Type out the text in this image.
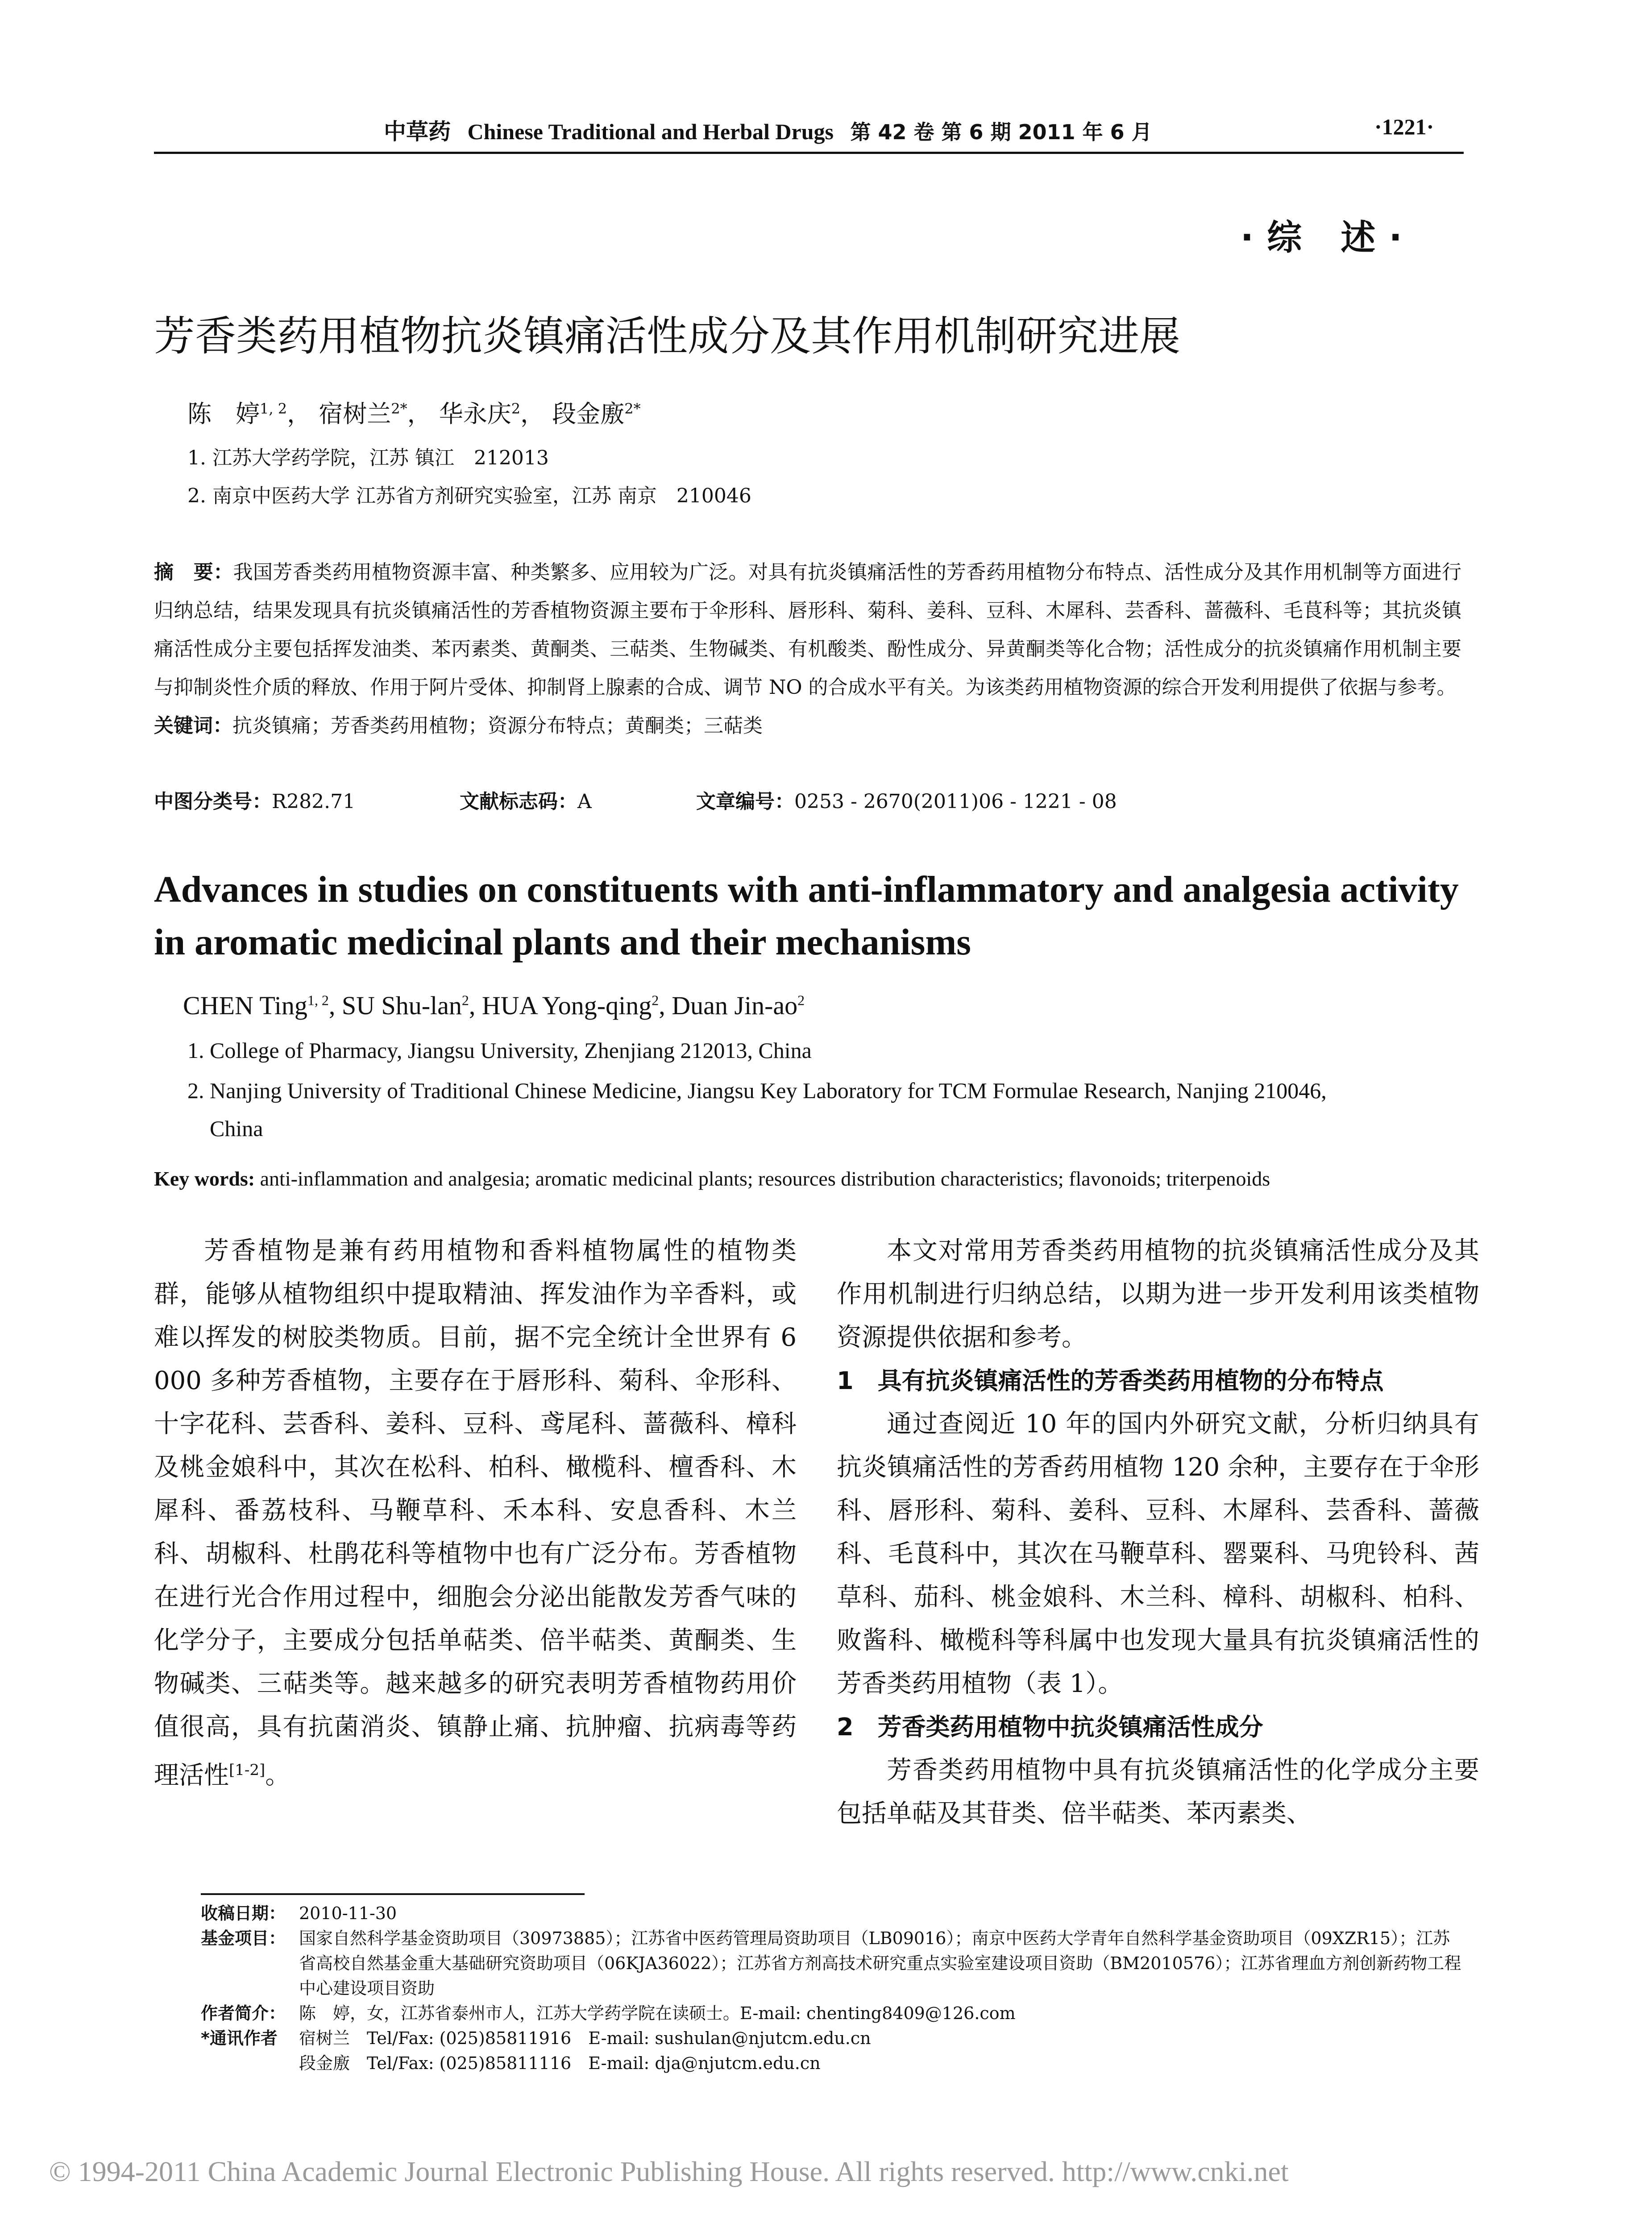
中草药 Chinese Traditional and Herbal Drugs 第 42 卷 第 6 期 2011 年 6 月	·1221·
·综 述·
芳香类药用植物抗炎镇痛活性成分及其作用机制研究进展
陈　婷$^{1, 2}$， 宿树兰$^{2*}$， 华永庆$^2$， 段金廒$^{2*}$
1. 江苏大学药学院，江苏 镇江　212013
2. 南京中医药大学 江苏省方剂研究实验室，江苏 南京　210046
摘　要：我国芳香类药用植物资源丰富、种类繁多、应用较为广泛。对具有抗炎镇痛活性的芳香药用植物分布特点、活性成分及其作用机制等方面进行归纳总结，结果发现具有抗炎镇痛活性的芳香植物资源主要布于伞形科、唇形科、菊科、姜科、豆科、木犀科、芸香科、蔷薇科、毛茛科等；其抗炎镇痛活性成分主要包括挥发油类、苯丙素类、黄酮类、三萜类、生物碱类、有机酸类、酚性成分、异黄酮类等化合物；活性成分的抗炎镇痛作用机制主要与抑制炎性介质的释放、作用于阿片受体、抑制肾上腺素的合成、调节 NO 的合成水平有关。为该类药用植物资源的综合开发利用提供了依据与参考。
关键词：抗炎镇痛；芳香类药用植物；资源分布特点；黄酮类；三萜类
中图分类号：R282.71	文献标志码：A	文章编号：0253 - 2670(2011)06 - 1221 - 08
Advances in studies on constituents with anti-inflammatory and analgesia activity in aromatic medicinal plants and their mechanisms
CHEN Ting$^{1, 2}$, SU Shu-lan$^2$, HUA Yong-qing$^2$, Duan Jin-$ao^2$
1. College of Pharmacy, Jiangsu University, Zhenjiang 212013, China
2. Nanjing University of Traditional Chinese Medicine, Jiangsu Key Laboratory for TCM Formulae Research, Nanjing 210046,
China
Key words: anti-inflammation and analgesia; aromatic medicinal plants; resources distribution characteristics; flavonoids; triterpenoids

芳香植物是兼有药用植物和香料植物属性的植物类群，能够从植物组织中提取精油、挥发油作为辛香料，或难以挥发的树胶类物质。目前，据不完全统计全世界有 6 000 多种芳香植物，主要存在于唇形科、菊科、伞形科、十字花科、芸香科、姜科、豆科、鸢尾科、蔷薇科、樟科及桃金娘科中，其次在松科、柏科、橄榄科、檀香科、木犀科、番荔枝科、马鞭草科、禾本科、安息香科、木兰科、胡椒科、杜鹃花科等植物中也有广泛分布。芳香植物在进行光合作用过程中，细胞会分泌出能散发芳香气味的化学分子，主要成分包括单萜类、倍半萜类、黄酮类、生物碱类、三萜类等。越来越多的研究表明芳香植物药用价值很高，具有抗菌消炎、镇静止痛、抗肿瘤、抗病毒等药理活性[1-2]。

本文对常用芳香类药用植物的抗炎镇痛活性成分及其作用机制进行归纳总结，以期为进一步开发利用该类植物资源提供依据和参考。

1　具有抗炎镇痛活性的芳香类药用植物的分布特点

通过查阅近 10 年的国内外研究文献，分析归纳具有抗炎镇痛活性的芳香药用植物 120 余种，主要存在于伞形科、唇形科、菊科、姜科、豆科、木犀科、芸香科、蔷薇科、毛茛科中，其次在马鞭草科、罂粟科、马兜铃科、茜草科、茄科、桃金娘科、木兰科、樟科、胡椒科、柏科、败酱科、橄榄科等科属中也发现大量具有抗炎镇痛活性的芳香类药用植物（表 1）。

2　芳香类药用植物中抗炎镇痛活性成分

芳香类药用植物中具有抗炎镇痛活性的化学成分主要包括单萜及其苷类、倍半萜类、苯丙素类、

收稿日期： 2010-11-30
基金项目： 国家自然科学基金资助项目（30973885）；江苏省中医药管理局资助项目（LB09016）；南京中医药大学青年自然科学基金资助项目（09XZR15）；江苏省高校自然基金重大基础研究资助项目（06KJA36022）；江苏省方剂高技术研究重点实验室建设项目资助（BM2010576）；江苏省理血方剂创新药物工程中心建设项目资助
作者简介： 陈　婷，女，江苏省泰州市人，江苏大学药学院在读硕士。E-mail: chenting8409@126.com
*通讯作者	宿树兰　Tel/Fax: (025)85811916　E-mail: sushulan@njutcm.edu.cn
段金廒　Tel/Fax: (025)85811116　E-mail: dja@njutcm.edu.cn
© 1994-2011 China Academic Journal Electronic Publishing House. All rights reserved. http://www.cnki.net
